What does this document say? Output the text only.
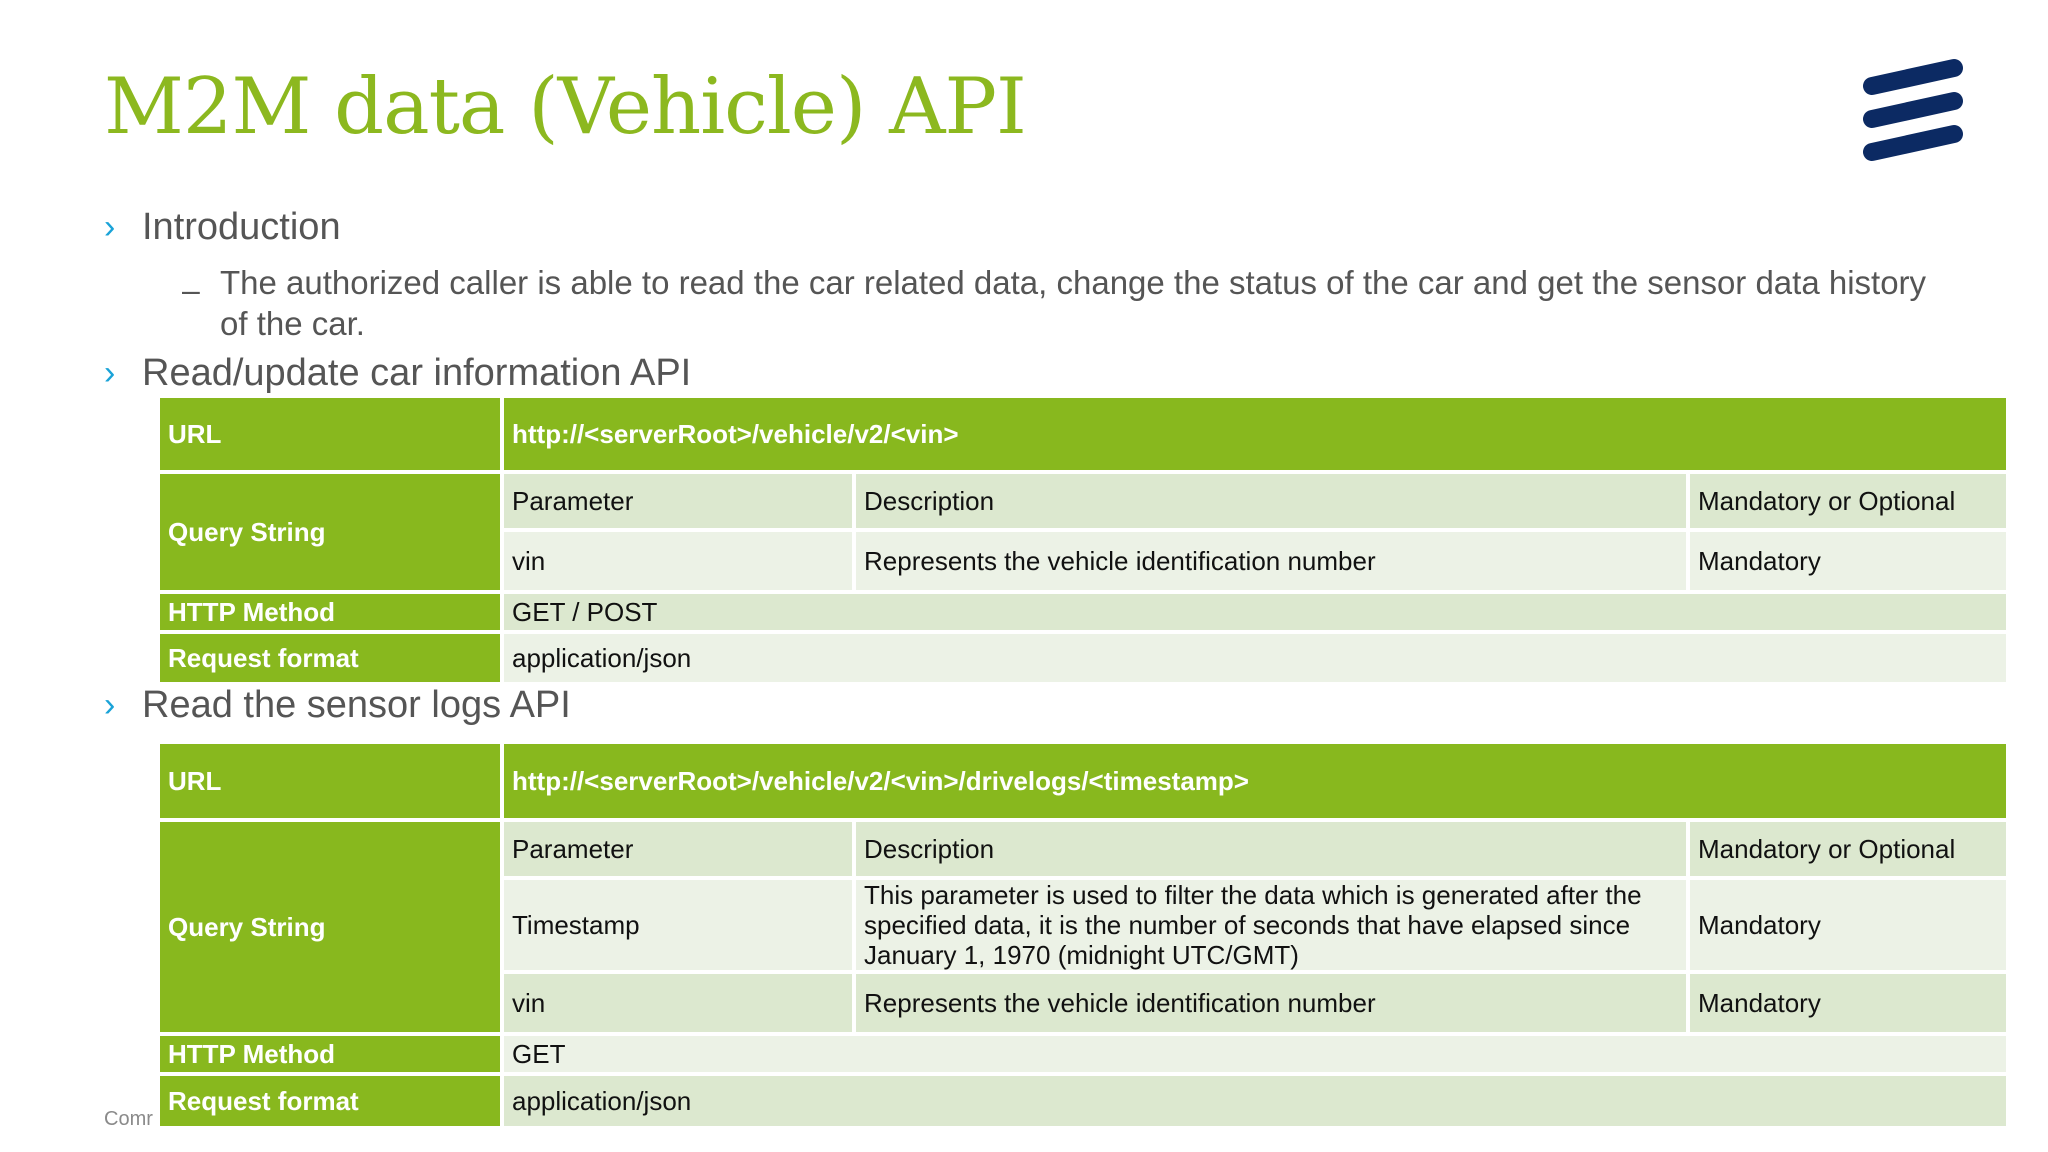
M2M data (Vehicle) API
› Introduction
– The authorized caller is able to read the car related data, change the status of the car and get the sensor data history of the car.
› Read/update car information API
URL	http://<serverRoot>/vehicle/v2/<vin>		
Query String	Parameter	Description	Mandatory or Optional
	vin	Represents the vehicle identification number	Mandatory
HTTP Method	GET / POST		
Request format	application/json		
› Read the sensor logs API
URL	http://<serverRoot>/vehicle/v2/<vin>/drivelogs/<timestamp>		
Query String	Parameter	Description	Mandatory or Optional
	Timestamp	This parameter is used to filter the data which is generated after the specified data, it is the number of seconds that have elapsed since January 1, 1970 (midnight UTC/GMT)	Mandatory
	vin	Represents the vehicle identification number	Mandatory
HTTP Method	GET		
Request format	application/json		
Comr
